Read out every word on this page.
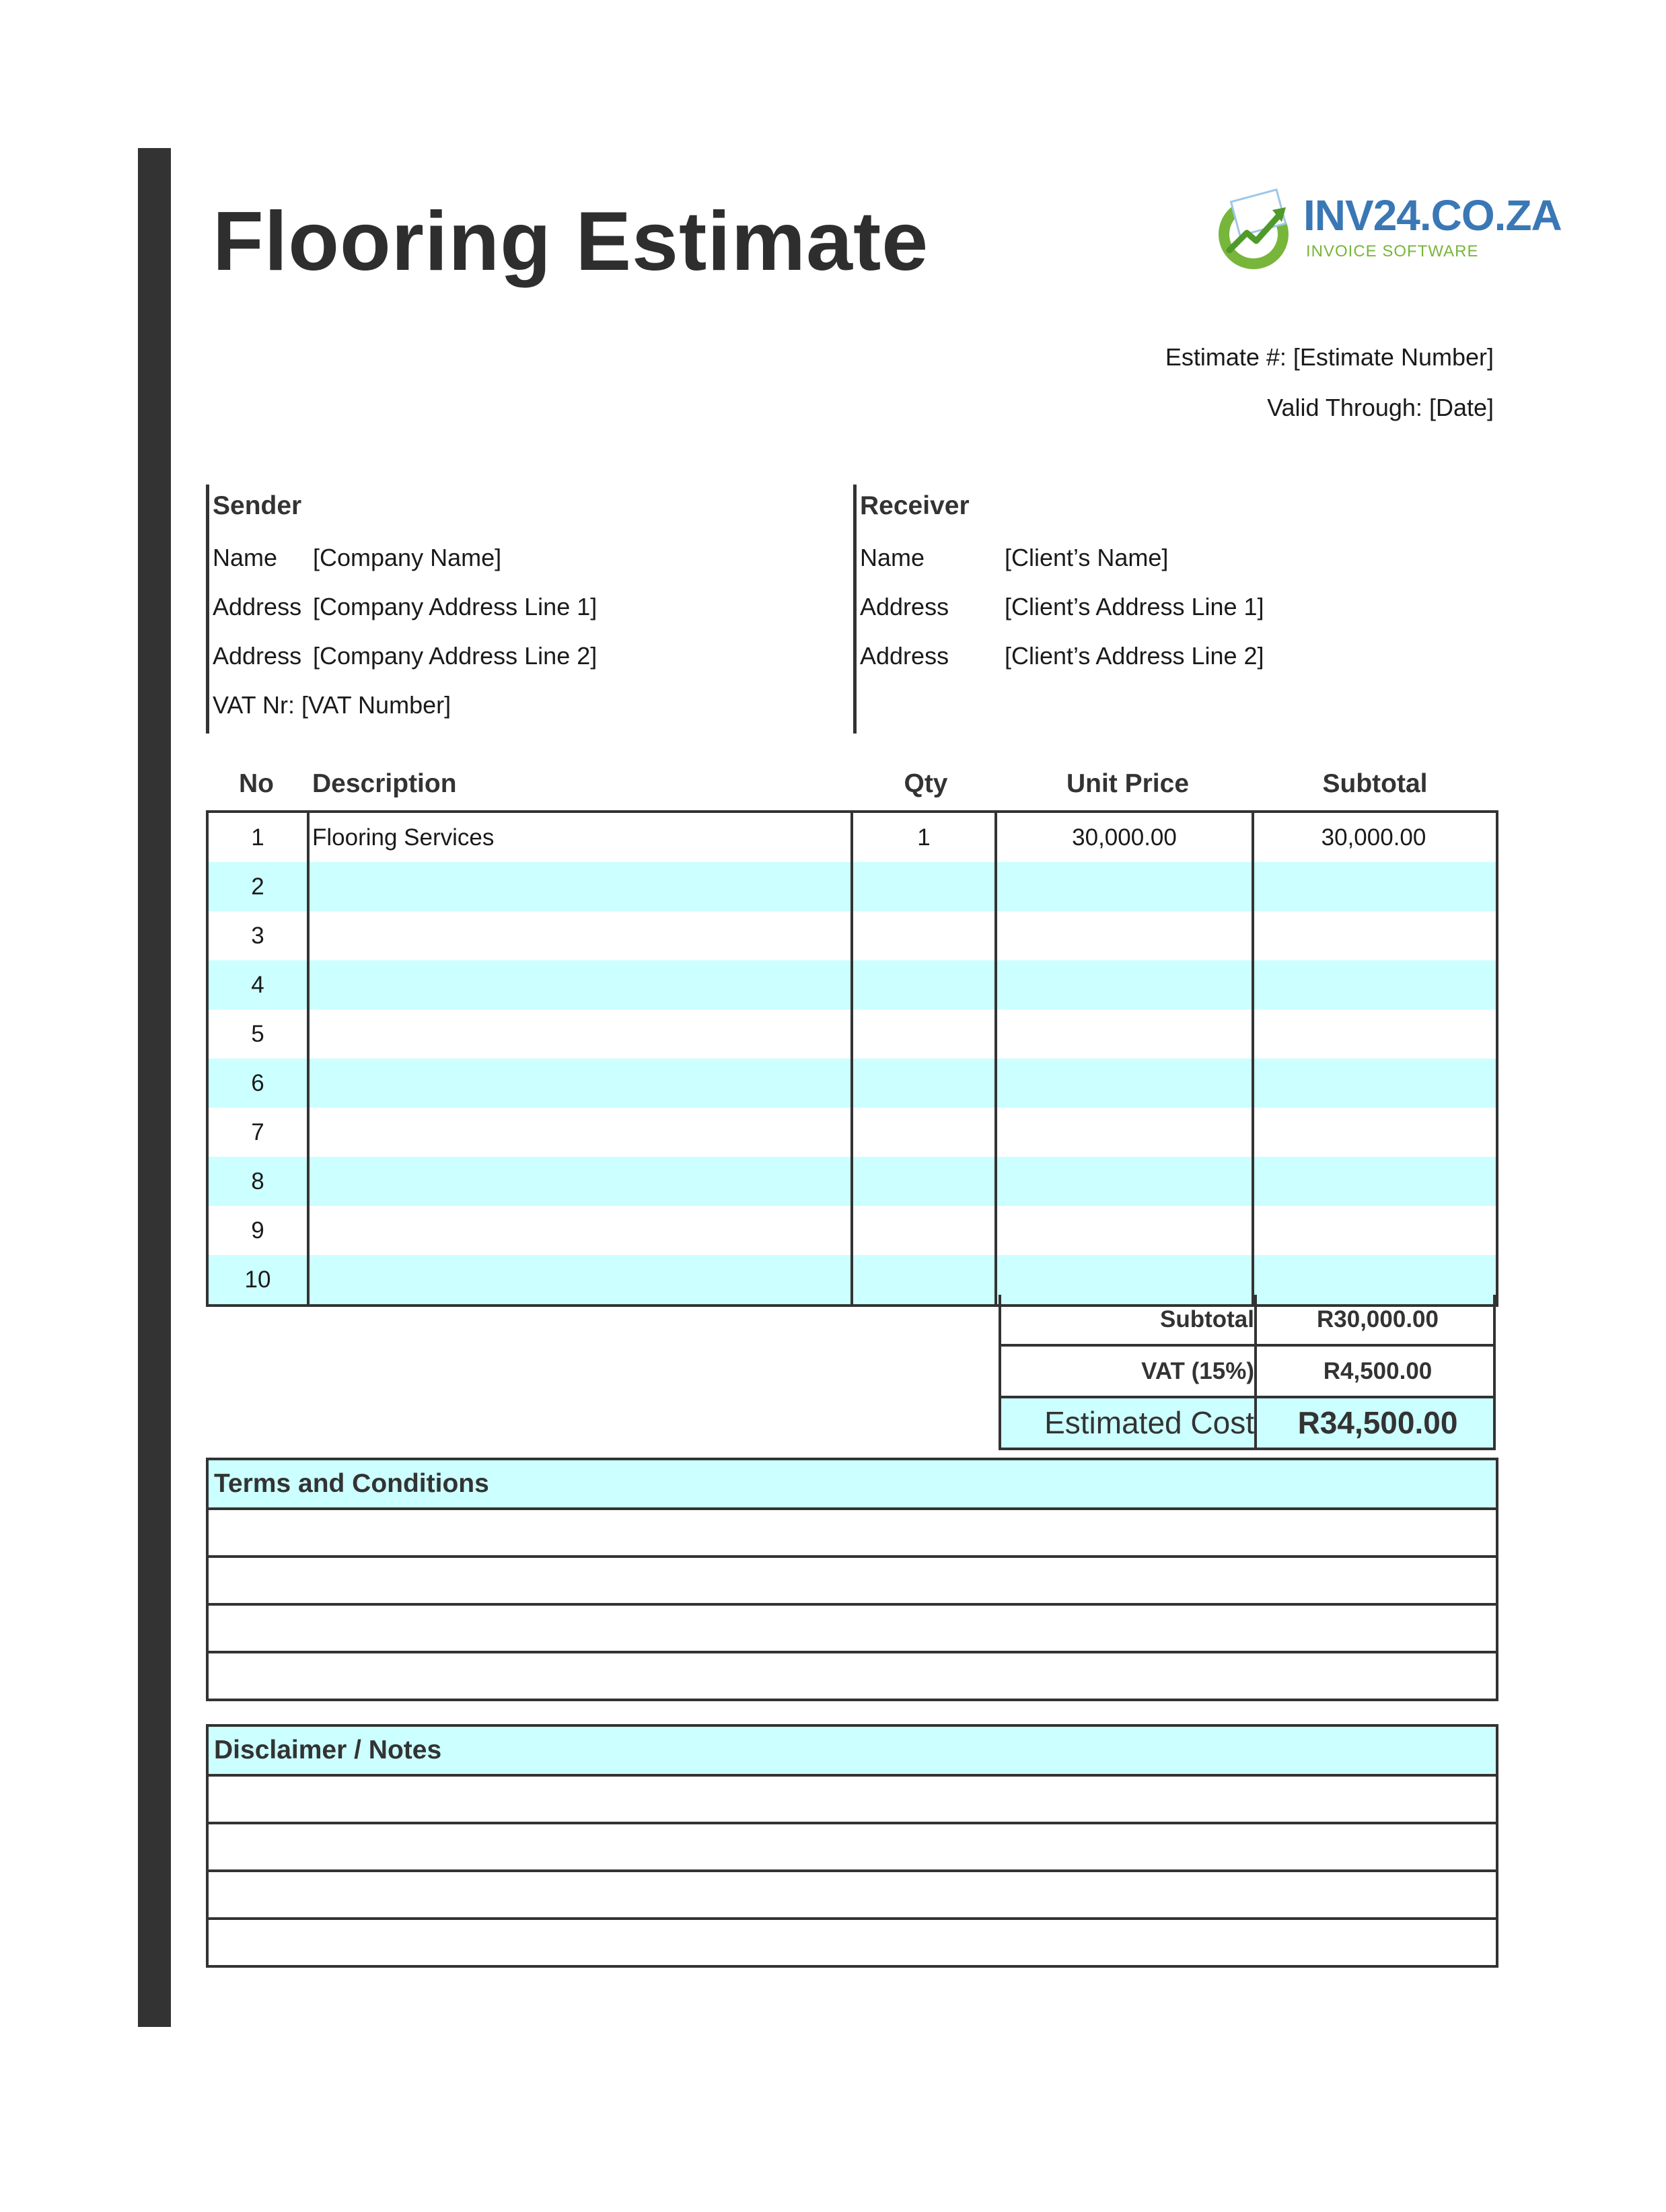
Flooring Estimate	INV24.CO.ZA
INVOICE SOFTWARE
Estimate #: [Estimate Number]
Valid Through: [Date]
Sender
Name [Company Name]
Address [Company Address Line 1]
Address [Company Address Line 2]
VAT Nr: [VAT Number]
Receiver
Name	[Client’s Name]
Address [Client’s Address Line 1]
Address [Client’s Address Line 2]
No	Description	Qty	Unit Price	Subtotal
1	Flooring Services	1	30,000.00	30,000.00
2
3
4
5
6
7
8
9
10
Subtotal	R30,000.00
VAT (15%)	R4,500.00
Estimated Cost	R34,500.00
Terms and Conditions
Disclaimer / Notes
